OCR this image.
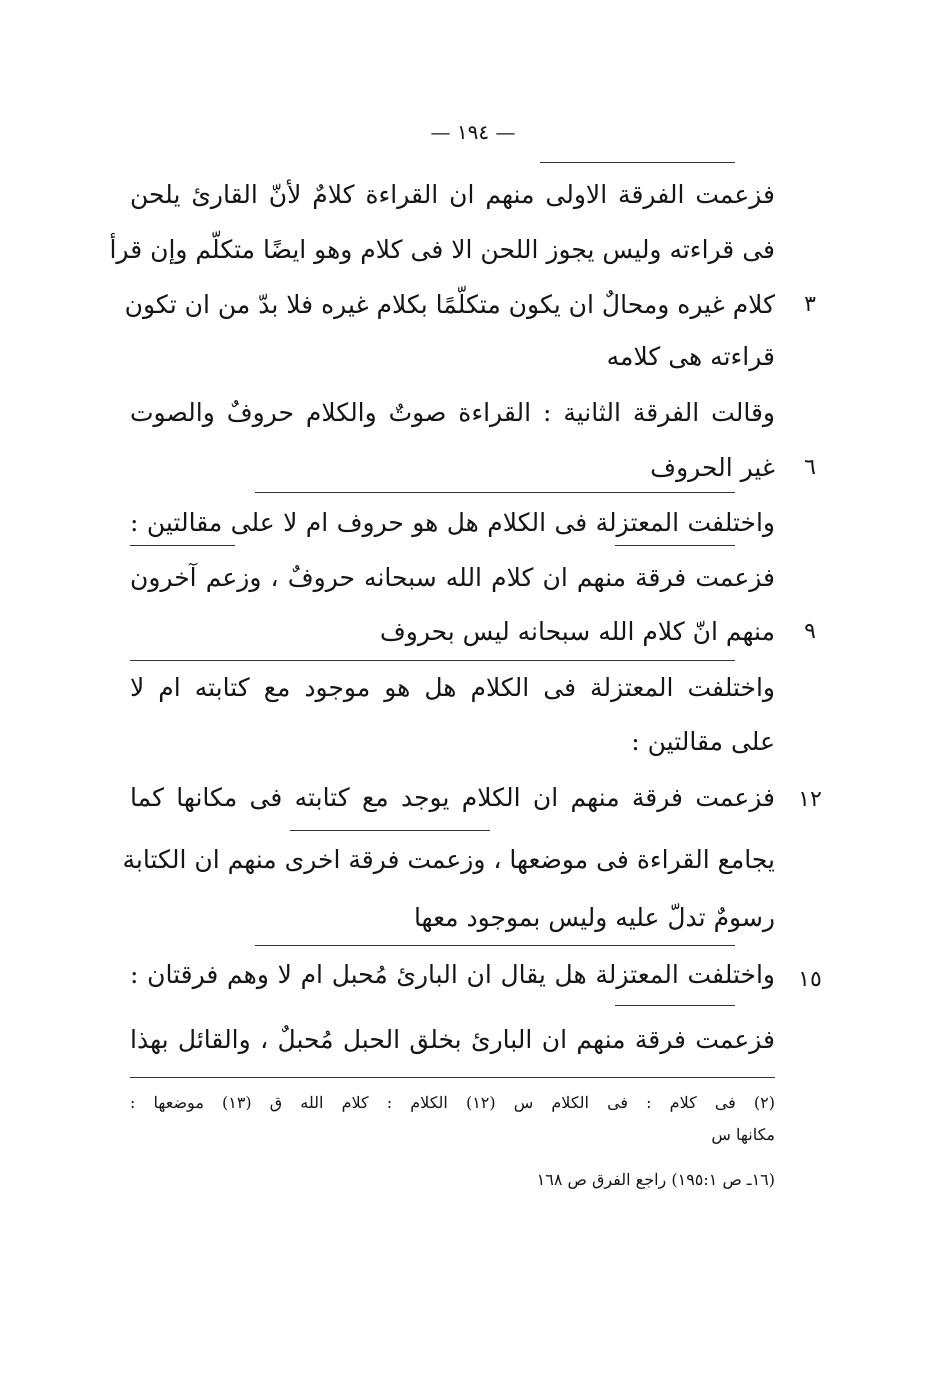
— ١٩٤ —
فزعمت الفرقة الاولى منهم ان القراءة كلامٌ لأنّ القارئ يلحن
فى قراءته وليس يجوز اللحن الا فى كلام وهو ايضًا متكلّم وإن قرأ
كلام غيره ومحالٌ ان يكون متكلّمًا بكلام غيره فلا بدّ من ان تكون
قراءته هى كلامه
وقالت الفرقة الثانية : القراءة صوتٌ والكلام حروفٌ والصوت
غير الحروف
واختلفت المعتزلة فى الكلام هل هو حروف ام لا على مقالتين :
فزعمت فرقة منهم ان كلام الله سبحانه حروفٌ ، وزعم آخرون
منهم انّ كلام الله سبحانه ليس بحروف
واختلفت المعتزلة فى الكلام هل هو موجود مع كتابته ام لا
على مقالتين :
فزعمت فرقة منهم ان الكلام يوجد مع كتابته فى مكانها كما
يجامع القراءة فى موضعها ، وزعمت فرقة اخرى منهم ان الكتابة
رسومٌ تدلّ عليه وليس بموجود معها
واختلفت المعتزلة هل يقال ان البارئ مُحبل ام لا وهم فرقتان :
فزعمت فرقة منهم ان البارئ بخلق الحبل مُحبلٌ ، والقائل بهذا
٣
٦
٩
١٢
١٥
(٢) فى كلام : فى الكلام س (١٢) الكلام : كلام الله ق (١٣) موضعها :
مكانها س
(١٦ـ ص ١٩٥:١) راجع الفرق ص ١٦٨
